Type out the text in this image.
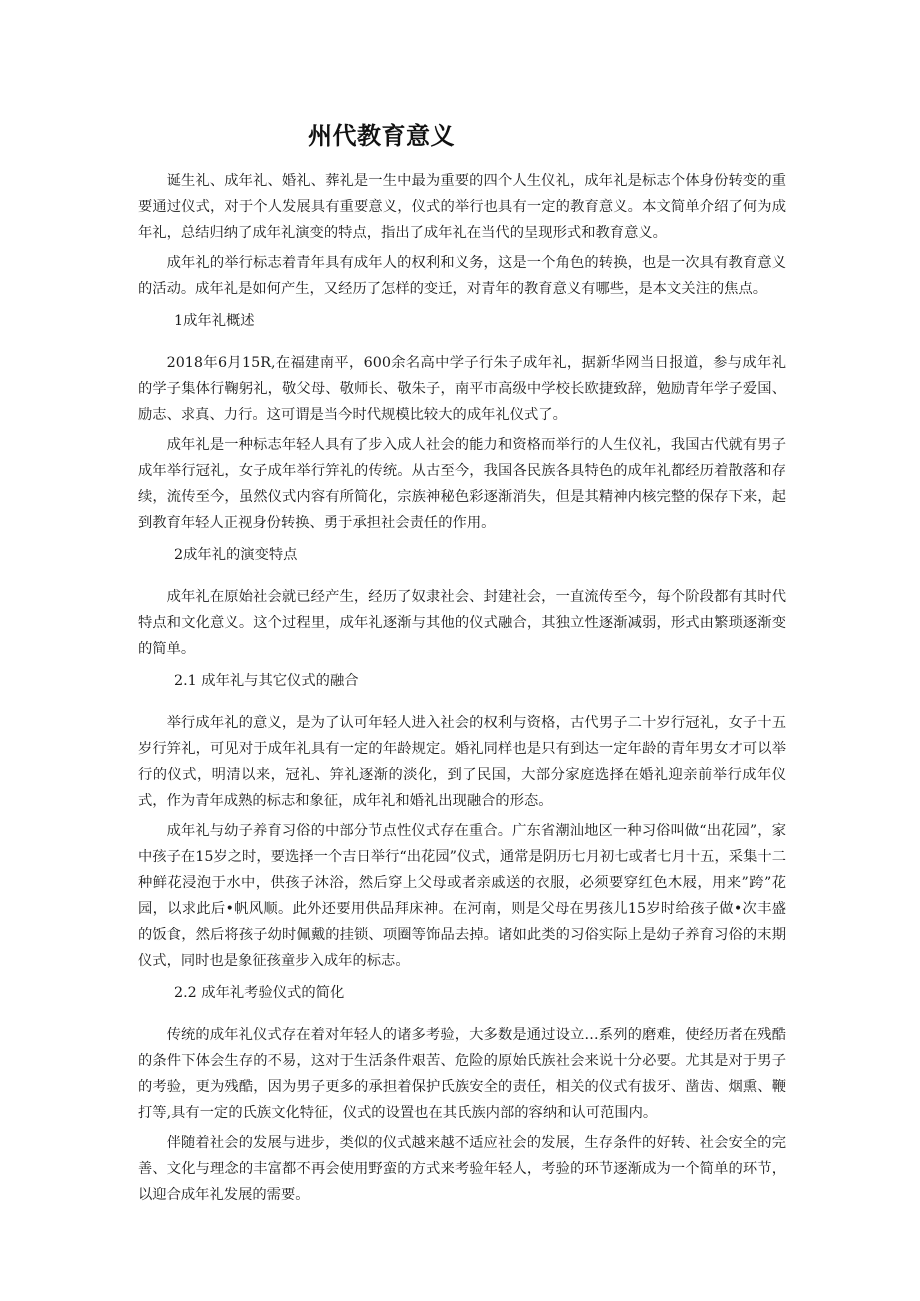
州代教育意义

诞生礼、成年礼、婚礼、葬礼是一生中最为重要的四个人生仪礼，成年礼是标志个体身份转变的重要通过仪式，对于个人发展具有重要意义，仪式的举行也具有一定的教育意义。本文简单介绍了何为成年礼，总结归纳了成年礼演变的特点，指出了成年礼在当代的呈现形式和教育意义。

成年礼的举行标志着青年具有成年人的权利和义务，这是一个角色的转换，也是一次具有教育意义的活动。成年礼是如何产生，又经历了怎样的变迁，对青年的教育意义有哪些，是本文关注的焦点。

1成年礼概述

2018年6月15R,在福建南平，600余名高中学子行朱子成年礼，据新华网当日报道，参与成年礼的学子集体行鞠躬礼，敬父母、敬师长、敬朱子，南平市高级中学校长欧捷致辞，勉励青年学子爱国、励志、求真、力行。这可谓是当今时代规模比较大的成年礼仪式了。

成年礼是一种标志年轻人具有了步入成人社会的能力和资格而举行的人生仪礼，我国古代就有男子成年举行冠礼，女子成年举行笄礼的传统。从古至今，我国各民族各具特色的成年礼都经历着散落和存续，流传至今，虽然仪式内容有所简化，宗族神秘色彩逐渐消失，但是其精神内核完整的保存下来，起到教育年轻人正视身份转换、勇于承担社会责任的作用。

2成年礼的演变特点

成年礼在原始社会就已经产生，经历了奴隶社会、封建社会，一直流传至今，每个阶段都有其时代特点和文化意义。这个过程里，成年礼逐渐与其他的仪式融合，其独立性逐渐减弱，形式由繁琐逐渐变的简单。

2.1 成年礼与其它仪式的融合

举行成年礼的意义，是为了认可年轻人进入社会的权利与资格，古代男子二十岁行冠礼，女子十五岁行笄礼，可见对于成年礼具有一定的年龄规定。婚礼同样也是只有到达一定年龄的青年男女才可以举行的仪式，明清以来，冠礼、笄礼逐渐的淡化，到了民国，大部分家庭选择在婚礼迎亲前举行成年仪式，作为青年成熟的标志和象征，成年礼和婚礼出现融合的形态。

成年礼与幼子养育习俗的中部分节点性仪式存在重合。广东省潮汕地区一种习俗叫做“出花园”，家中孩子在15岁之时，要选择一个吉日举行“出花园”仪式，通常是阴历七月初七或者七月十五，采集十二种鲜花浸泡于水中，供孩子沐浴，然后穿上父母或者亲戚送的衣服，必须要穿红色木屐，用来”跨”花园，以求此后•帆风顺。此外还要用供品拜床神。在河南，则是父母在男孩儿15岁时给孩子做•次丰盛的饭食，然后将孩子幼时佩戴的挂锁、项圈等饰品去掉。诸如此类的习俗实际上是幼子养育习俗的末期仪式，同时也是象征孩童步入成年的标志。

2.2 成年礼考验仪式的简化

传统的成年礼仪式存在着对年轻人的诸多考验，大多数是通过设立…系列的磨难，使经历者在残酷的条件下体会生存的不易，这对于生活条件艰苦、危险的原始氏族社会来说十分必要。尤其是对于男子的考验，更为残酷，因为男子更多的承担着保护氏族安全的责任，相关的仪式有拔牙、凿齿、烟熏、鞭打等,具有一定的氏族文化特征，仪式的设置也在其氏族内部的容纳和认可范围内。

伴随着社会的发展与进步，类似的仪式越来越不适应社会的发展，生存条件的好转、社会安全的完善、文化与理念的丰富都不再会使用野蛮的方式来考验年轻人，考验的环节逐渐成为一个简单的环节，以迎合成年礼发展的需要。
